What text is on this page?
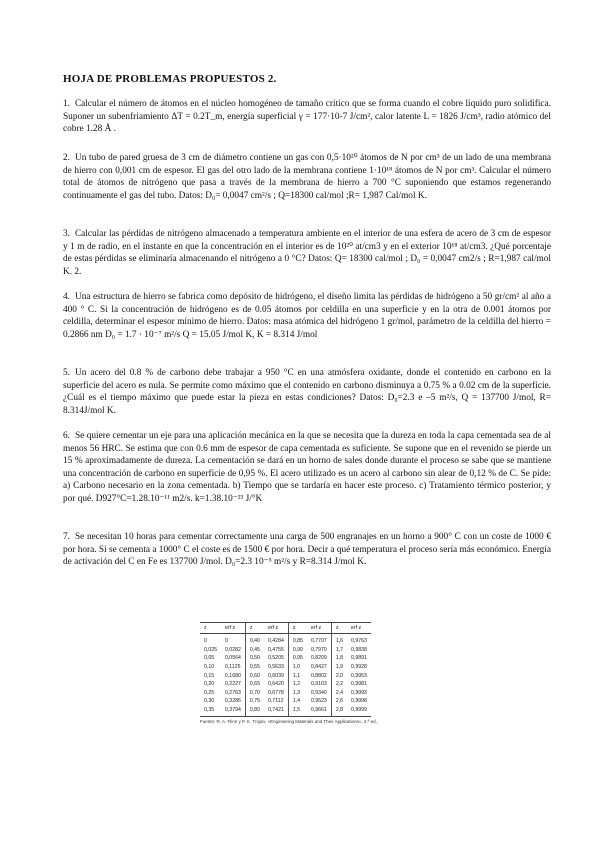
HOJA DE PROBLEMAS PROPUESTOS 2.

1. Calcular el número de átomos en el núcleo homogéneo de tamaño crítico que se forma cuando el cobre líquido puro solidifica. Suponer un subenfriamiento ΔT = 0.2T_m, energía superficial γ = 177·10-7 J/cm², calor latente L = 1826 J/cm³, radio atómico del cobre 1.28 Å .

2. Un tubo de pared gruesa de 3 cm de diámetro contiene un gas con 0,5·10²⁰ átomos de N por cm³ de un lado de una membrana de hierro con 0,001 cm de espesor. El gas del otro lado de la membrana contiene 1·10¹⁸ átomos de N por cm³. Calcular el número total de átomos de nitrógeno que pasa a través de la membrana de hierro a 700 °C suponiendo que estamos regenerando continuamente el gas del tubo. Datos: D₀= 0,0047 cm²/s ; Q=18300 cal/mol ;R= 1,987 Cal/mol K.

3. Calcular las pérdidas de nitrógeno almacenado a temperatura ambiente en el interior de una esfera de acero de 3 cm de espesor y 1 m de radio, en el instante en que la concentración en el interior es de 10²⁰ at/cm3 y en el exterior 10¹⁸ at/cm3. ¿Qué porcentaje de estas pérdidas se eliminaría almacenando el nitrógeno a 0 °C? Datos: Q= 18300 cal/mol ; D₀ = 0,0047 cm2/s ; R=1,987 cal/mol K. 2.

4. Una estructura de hierro se fabrica como depósito de hidrógeno, el diseño limita las pérdidas de hidrógeno a 50 gr/cm² al año a 400 ° C. Si la concentración de hidrógeno es de 0.05 átomos por celdilla en una superficie y en la otra de 0.001 átomos por celdilla, determinar el espesor mínimo de hierro. Datos: masa atómica del hidrógeno 1 gr/mol, parámetro de la celdilla del hierro = 0.2866 nm D₀ = 1.7 · 10⁻⁷ m²/s Q = 15.05 J/mol K, K = 8.314 J/mol

5. Un acero del 0.8 % de carbono debe trabajar a 950 °C en una atmósfera oxidante, donde el contenido en carbono en la superficie del acero es nula. Se permite como máximo que el contenido en carbono disminuya a 0.75 % a 0.02 cm de la superficie. ¿Cuál es el tiempo máximo que puede estar la pieza en estas condiciones? Datos: D₀=2.3 e –5 m²/s, Q = 137700 J/mol, R= 8.314J/mol K.

6. Se quiere cementar un eje para una aplicación mecánica en la que se necesita que la dureza en toda la capa cementada sea de al menos 56 HRC. Se estima que con 0.6 mm de espesor de capa cementada es suficiente. Se supone que en el revenido se pierde un 15 % aproximadamente de dureza. La cementación se dará en un horno de sales donde durante el proceso se sabe que se mantiene una concentración de carbono en superficie de 0,95 %. El acero utilizado es un acero al carbono sin alear de 0,12 % de C. Se pide: a) Carbono necesario en la zona cementada. b) Tiempo que se tardaría en hacer este proceso. c) Tratamiento térmico posterior, y por qué. D927°C=1.28.10⁻¹¹ m2/s. k=1.38.10⁻²³ J/°K

7. Se necesitan 10 horas para cementar correctamente una carga de 500 engranajes en un horno a 900° C con un coste de 1000 € por hora. Si se cementa a 1000° C el coste es de 1500 € por hora. Decir a qué temperatura el proceso sería más económico. Energía de activación del C en Fe es 137700 J/mol. D₀=2.3 10⁻⁵ m²/s y R=8.314 J/mol K.

z	erf z	z	erf z	z	erf z	z	erf z
0	0	0,40	0,4284	0,85	0,7707	1,6	0,9763
0,025	0,0282	0,45	0,4755	0,90	0,7970	1,7	0,9838
0,05	0,0564	0,50	0,5205	0,95	0,8209	1,8	0,9891
0,10	0,1125	0,55	0,5633	1,0	0,8427	1,9	0,9928
0,15	0,1680	0,60	0,6039	1,1	0,8802	2,0	0,9953
0,20	0,2227	0,65	0,6420	1,2	0,9103	2,2	0,9981
0,25	0,2763	0,70	0,6778	1,3	0,9340	2,4	0,9993
0,30	0,3286	0,75	0,7112	1,4	0,9523	2,6	0,9998
0,35	0,3794	0,80	0,7421	1,5	0,9661	2,8	0,9999
Fuente: R. A. Flinn y P. K. Trojan, «Engineering Materials and Their Applications», 2.ª ed.,
